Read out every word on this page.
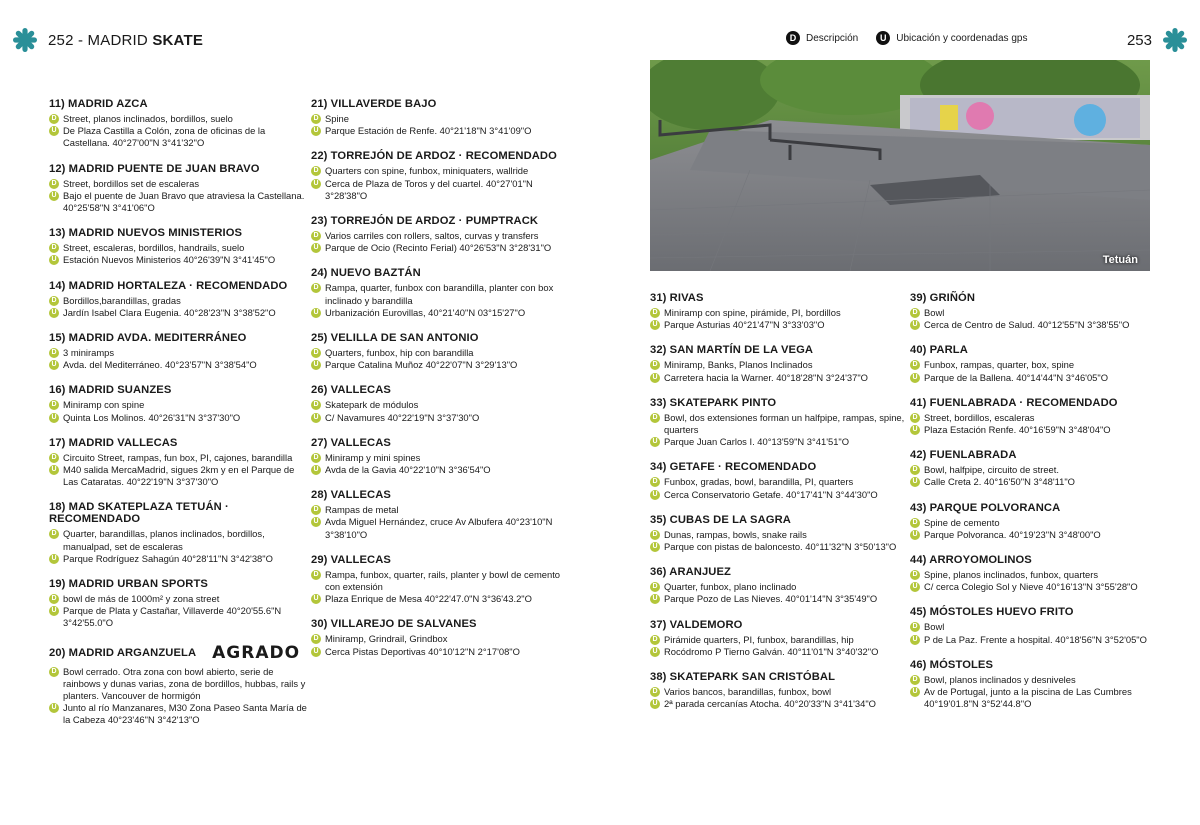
252 - MADRID SKATE	D Descripción	U Ubicación y coordenadas gps	253
Tetuán
11) MADRID AZCA
D Street, planos inclinados, bordillos, suelo
U De Plaza Castilla a Colón, zona de oficinas de la Castellana. 40°27'00"N 3°41'32"O
12) MADRID PUENTE DE JUAN BRAVO
D Street, bordillos set de escaleras
U Bajo el puente de Juan Bravo que atraviesa la Castellana. 40°25'58"N 3°41'06"O
13) MADRID NUEVOS MINISTERIOS
D Street, escaleras, bordillos, handrails, suelo
U Estación Nuevos Ministerios 40°26'39"N 3°41'45"O
14) MADRID HORTALEZA · RECOMENDADO
D Bordillos,barandillas, gradas
U Jardín Isabel Clara Eugenia. 40°28'23"N 3°38'52"O
15) MADRID AVDA. MEDITERRÁNEO
D 3 miniramps
U Avda. del Mediterráneo. 40°23'57"N 3°38'54"O
16) MADRID SUANZES
D Miniramp con spine
U Quinta Los Molinos. 40°26'31"N 3°37'30"O
17) MADRID VALLECAS
D Circuito Street, rampas, fun box, PI, cajones, barandilla
U M40 salida MercaMadrid, sigues 2km y en el Parque de Las Cataratas. 40°22'19"N 3°37'30"O
18) MAD SKATEPLAZA TETUÁN · RECOMENDADO
D Quarter, barandillas, planos inclinados, bordillos, manualpad, set de escaleras
U Parque Rodríguez Sahagún 40°28'11"N 3°42'38"O
19) MADRID URBAN SPORTS
D bowl de más de 1000m² y zona street
U Parque de Plata y Castañar, Villaverde 40°20'55.6"N 3°42'55.0"O
20) MADRID ARGANZUELA AGRADO
D Bowl cerrado. Otra zona con bowl abierto, serie de rainbows y dunas varias, zona de bordillos, hubbas, rails y planters. Vancouver de hormigón
U Junto al río Manzanares, M30 Zona Paseo Santa María de la Cabeza 40°23'46"N 3°42'13"O
21) VILLAVERDE BAJO
D Spine
U Parque Estación de Renfe. 40°21'18"N 3°41'09"O
22) TORREJÓN DE ARDOZ · RECOMENDADO
D Quarters con spine, funbox, miniquaters, wallride
U Cerca de Plaza de Toros y del cuartel. 40°27'01"N 3°28'38"O
23) TORREJÓN DE ARDOZ · PUMPTRACK
D Varios carriles con rollers, saltos, curvas y transfers
U Parque de Ocio (Recinto Ferial) 40°26'53"N 3°28'31"O
24) NUEVO BAZTÁN
D Rampa, quarter, funbox con barandilla, planter con box inclinado y barandilla
U Urbanización Eurovillas, 40°21'40"N 03°15'27"O
25) VELILLA DE SAN ANTONIO
D Quarters, funbox, hip con barandilla
U Parque Catalina Muñoz 40°22'07"N 3°29'13"O
26) VALLECAS
D Skatepark de módulos
U C/ Navamures 40°22'19"N 3°37'30"O
27) VALLECAS
D Miniramp y mini spines
U Avda de la Gavia 40°22'10"N 3°36'54"O
28) VALLECAS
D Rampas de metal
U Avda Miguel Hernández, cruce Av Albufera 40°23'10"N 3°38'10"O
29) VALLECAS
D Rampa, funbox, quarter, rails, planter y bowl de cemento con extensión
U Plaza Enrique de Mesa 40°22'47.0"N 3°36'43.2"O
30) VILLAREJO DE SALVANES
D Miniramp, Grindrail, Grindbox
U Cerca Pistas Deportivas 40°10'12"N 2°17'08"O
31) RIVAS
D Miniramp con spine, pirámide, PI, bordillos
U Parque Asturias 40°21'47"N 3°33'03"O
32) SAN MARTÍN DE LA VEGA
D Miniramp, Banks, Planos Inclinados
U Carretera hacia la Warner. 40°18'28"N 3°24'37"O
33) SKATEPARK PINTO
D Bowl, dos extensiones forman un halfpipe, rampas, spine, quarters
U Parque Juan Carlos I. 40°13'59"N 3°41'51"O
34) GETAFE · RECOMENDADO
D Funbox, gradas, bowl, barandilla, PI, quarters
U Cerca Conservatorio Getafe. 40°17'41"N 3°44'30"O
35) CUBAS DE LA SAGRA
D Dunas, rampas, bowls, snake rails
U Parque con pistas de baloncesto. 40°11'32"N 3°50'13"O
36) ARANJUEZ
D Quarter, funbox, plano inclinado
U Parque Pozo de Las Nieves. 40°01'14"N 3°35'49"O
37) VALDEMORO
D Pirámide quarters, PI, funbox, barandillas, hip
U Rocódromo P Tierno Galván. 40°11'01"N 3°40'32"O
38) SKATEPARK SAN CRISTÓBAL
D Varios bancos, barandillas, funbox, bowl
U 2ª parada cercanías Atocha. 40°20'33"N 3°41'34"O
39) GRIÑÓN
D Bowl
U Cerca de Centro de Salud. 40°12'55"N 3°38'55"O
40) PARLA
D Funbox, rampas, quarter, box, spine
U Parque de la Ballena. 40°14'44"N 3°46'05"O
41) FUENLABRADA · RECOMENDADO
D Street, bordillos, escaleras
U Plaza Estación Renfe. 40°16'59"N 3°48'04"O
42) FUENLABRADA
D Bowl, halfpipe, circuito de street.
U Calle Creta 2. 40°16'50"N 3°48'11"O
43) PARQUE POLVORANCA
D Spine de cemento
U Parque Polvoranca. 40°19'23"N 3°48'00"O
44) ARROYOMOLINOS
D Spine, planos inclinados, funbox, quarters
U C/ cerca Colegio Sol y Nieve 40°16'13"N 3°55'28"O
45) MÓSTOLES HUEVO FRITO
D Bowl
U P de La Paz. Frente a hospital. 40°18'56"N 3°52'05"O
46) MÓSTOLES
D Bowl, planos inclinados y desniveles
U Av de Portugal, junto a la piscina de Las Cumbres 40°19'01.8"N 3°52'44.8"O
